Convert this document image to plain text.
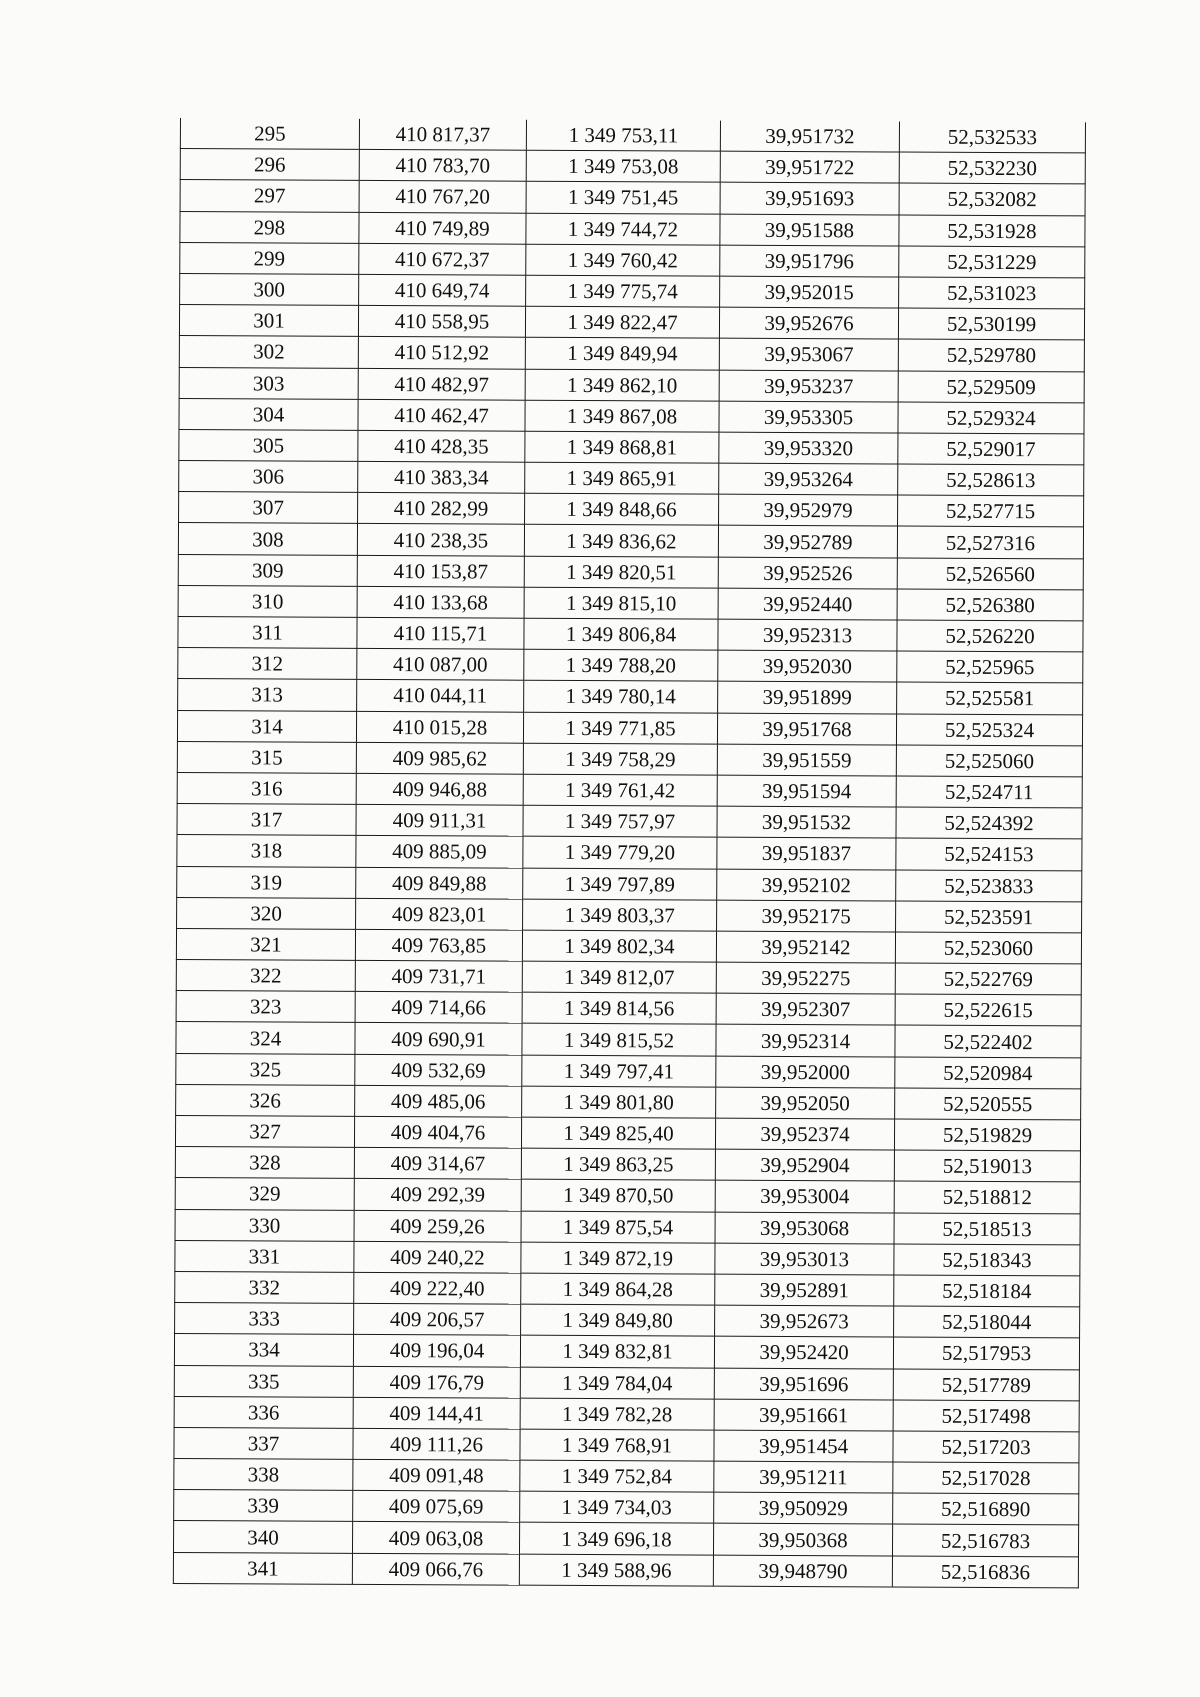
295	410 817,37	1 349 753,11	39,951732	52,532533
296	410 783,70	1 349 753,08	39,951722	52,532230
297	410 767,20	1 349 751,45	39,951693	52,532082
298	410 749,89	1 349 744,72	39,951588	52,531928
299	410 672,37	1 349 760,42	39,951796	52,531229
300	410 649,74	1 349 775,74	39,952015	52,531023
301	410 558,95	1 349 822,47	39,952676	52,530199
302	410 512,92	1 349 849,94	39,953067	52,529780
303	410 482,97	1 349 862,10	39,953237	52,529509
304	410 462,47	1 349 867,08	39,953305	52,529324
305	410 428,35	1 349 868,81	39,953320	52,529017
306	410 383,34	1 349 865,91	39,953264	52,528613
307	410 282,99	1 349 848,66	39,952979	52,527715
308	410 238,35	1 349 836,62	39,952789	52,527316
309	410 153,87	1 349 820,51	39,952526	52,526560
310	410 133,68	1 349 815,10	39,952440	52,526380
311	410 115,71	1 349 806,84	39,952313	52,526220
312	410 087,00	1 349 788,20	39,952030	52,525965
313	410 044,11	1 349 780,14	39,951899	52,525581
314	410 015,28	1 349 771,85	39,951768	52,525324
315	409 985,62	1 349 758,29	39,951559	52,525060
316	409 946,88	1 349 761,42	39,951594	52,524711
317	409 911,31	1 349 757,97	39,951532	52,524392
318	409 885,09	1 349 779,20	39,951837	52,524153
319	409 849,88	1 349 797,89	39,952102	52,523833
320	409 823,01	1 349 803,37	39,952175	52,523591
321	409 763,85	1 349 802,34	39,952142	52,523060
322	409 731,71	1 349 812,07	39,952275	52,522769
323	409 714,66	1 349 814,56	39,952307	52,522615
324	409 690,91	1 349 815,52	39,952314	52,522402
325	409 532,69	1 349 797,41	39,952000	52,520984
326	409 485,06	1 349 801,80	39,952050	52,520555
327	409 404,76	1 349 825,40	39,952374	52,519829
328	409 314,67	1 349 863,25	39,952904	52,519013
329	409 292,39	1 349 870,50	39,953004	52,518812
330	409 259,26	1 349 875,54	39,953068	52,518513
331	409 240,22	1 349 872,19	39,953013	52,518343
332	409 222,40	1 349 864,28	39,952891	52,518184
333	409 206,57	1 349 849,80	39,952673	52,518044
334	409 196,04	1 349 832,81	39,952420	52,517953
335	409 176,79	1 349 784,04	39,951696	52,517789
336	409 144,41	1 349 782,28	39,951661	52,517498
337	409 111,26	1 349 768,91	39,951454	52,517203
338	409 091,48	1 349 752,84	39,951211	52,517028
339	409 075,69	1 349 734,03	39,950929	52,516890
340	409 063,08	1 349 696,18	39,950368	52,516783
341	409 066,76	1 349 588,96	39,948790	52,516836
